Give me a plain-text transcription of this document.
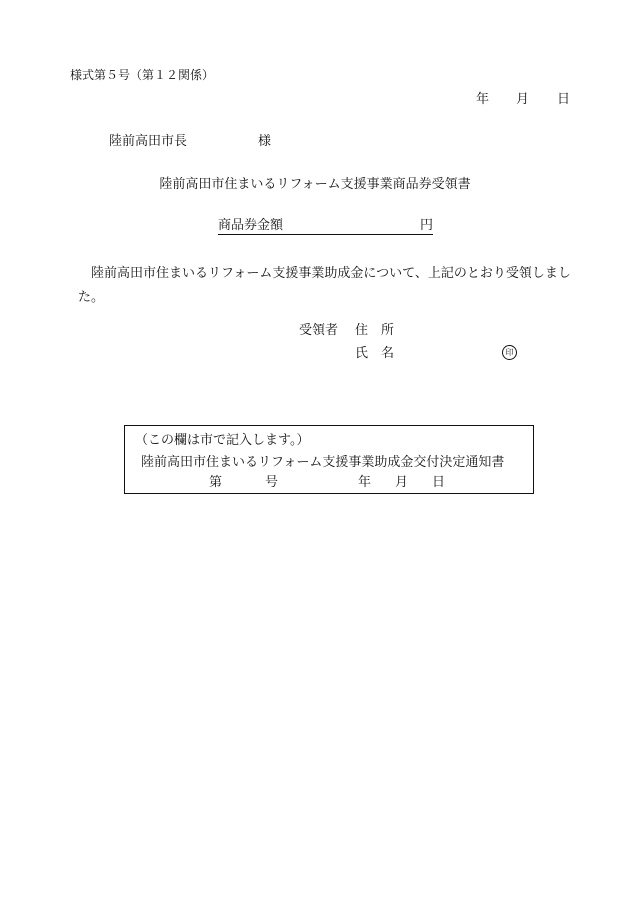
様式第５号（第１２関係）
年 月 日
陸前高田市長	様
陸前高田市住まいるリフォーム支援事業商品券受領書
商品券金額	円
陸前高田市住まいるリフォーム支援事業助成金について、上記のとおり受領しました。
受領者 住　所
氏　名	印
（この欄は市で記入します。）
陸前高田市住まいるリフォーム支援事業助成金交付決定通知書
第	号	年 月 日
